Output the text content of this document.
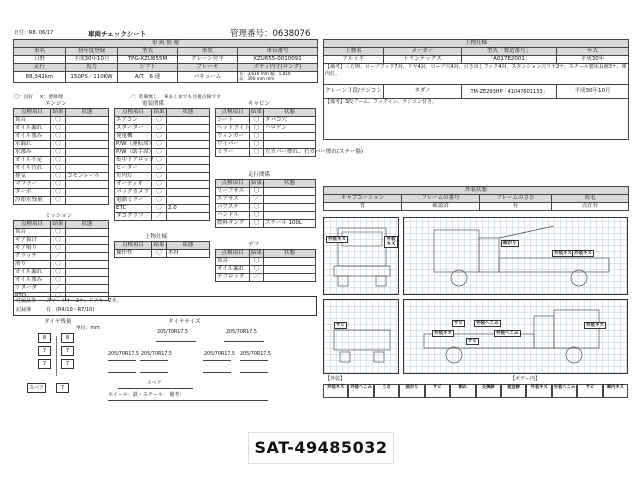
日付：R8. 06/17	車両チェックシート	管理番号：0638076
車 両 情 報				
車名	初年度登録	型式	形状	車台番号
日野	平成30年10月	TPG-XZU655M	クレーン付平	XZU655-0010091
走行	馬力	シフト	ブレーキ	ボディ内寸(ロング)
88,342km	150PS／110KW	A/T　6 速	バキューム	長：3,610 mm 幅：1,810
高：390 mm mm
〇：良好　 ×：要修理　	／：装備無し　 ※あくまでも目視点検です
エンジン
点検項目	結果	状態
異音	〇	
オイル漏れ	〇	
オイル滲み	〇	
水漏れ	〇	
水滲み	〇	
オイル不足	〇	
オイル汚れ	〇	
排気	〇	コモンレール
マフラー	〇	
ターボ	〇	
冷却水残量	〇	
ミッション
点検項目	結果	状態
異音	〇	
ギア抜け	〇	
ギア鳴り	〇	
クラッチ	／	
滑り	〇	
オイル漏れ	〇	
オイル滲み	〇	
リターダ	／	
PTO	〇	
電装関係
点検項目	結果	状態
エアコン	〇	
スターター	〇	
発電機	〇	
P/W（運転席）	〇	
P/W（助手席）	〇	
集中ドアロック	〇	
ヒーター	〇	
室内灯	〇	
オーディオ	〇	
バックカメラ	〇	
電動ミラー	〇	
ETC	〇	2.0
タコグラフ	／	
上物仕様
点検項目	結果	状態
操作性	〇	木材
キャビン
点検項目	結果	状態
シート	〇	タバコ穴
ヘッドライト	〇	ハロゲン
ウィンカー	〇	
ワイパー	〇	
ミラー	〇	左カバー擦れ、右カバー擦れ(ステー傷)
走行関係
点検項目	結果	状態
リーフサス	〇	
エアサス	／	
パワステ	〇	
ハンドル	〇	
燃料タンク	〇	スチール 100L
デフ
点検項目	結果	状態
異音	〇	
オイル漏れ	〇	
デフロック	／	
付属品等 スマートキー2ケ、ドアキー2本。
記録簿	有　(R4/10〜R7/10)
タイヤ残量	タイヤサイズ
単位：mm
8	8
7	7
7	7
スペア	7
205/70R17.5	205/70R17.5
205/70R17.5 205/70R17.5	205/70R17.5 205/70R17.5
スペア
ホイール：鉄・スチール　 備考：
上物仕様			
上物名	メーカー	型式「製造番号」	年式
アルミ平	トランテックス	「A017E2001」	平成30年
【備考】三方開、ロープフック7対、リヤ4対、ロープ穴4対、引き出しフック4対、スタンション穴リヤ2ケ、スチール製床長補3ケ、庫内灯。			
クレーン３段/ラジコン	タダノ	TM-ZE293HP「41047601133」	平成30年10月
【備考】3段ブーム、フックイン、ラジコン付き。			
外装状態			
キャブコーション	フレームの番号	フレームのさび	荷毛
普	確認済	有	点在有
外装キズ	外装キズ	曲がり
外装キズ 外装キズ
サビ	サビ	外装へこみ
サビ
外装へこみ
外装キズ
外装キズ
【外装】	【ボデー内】
外装キズ	外装へこみ	うき	曲がり	サビ	割れ	交換跡	板金跡	外装キズ	外装へこみ	サビ	庫内キズ
SAT-49485032
